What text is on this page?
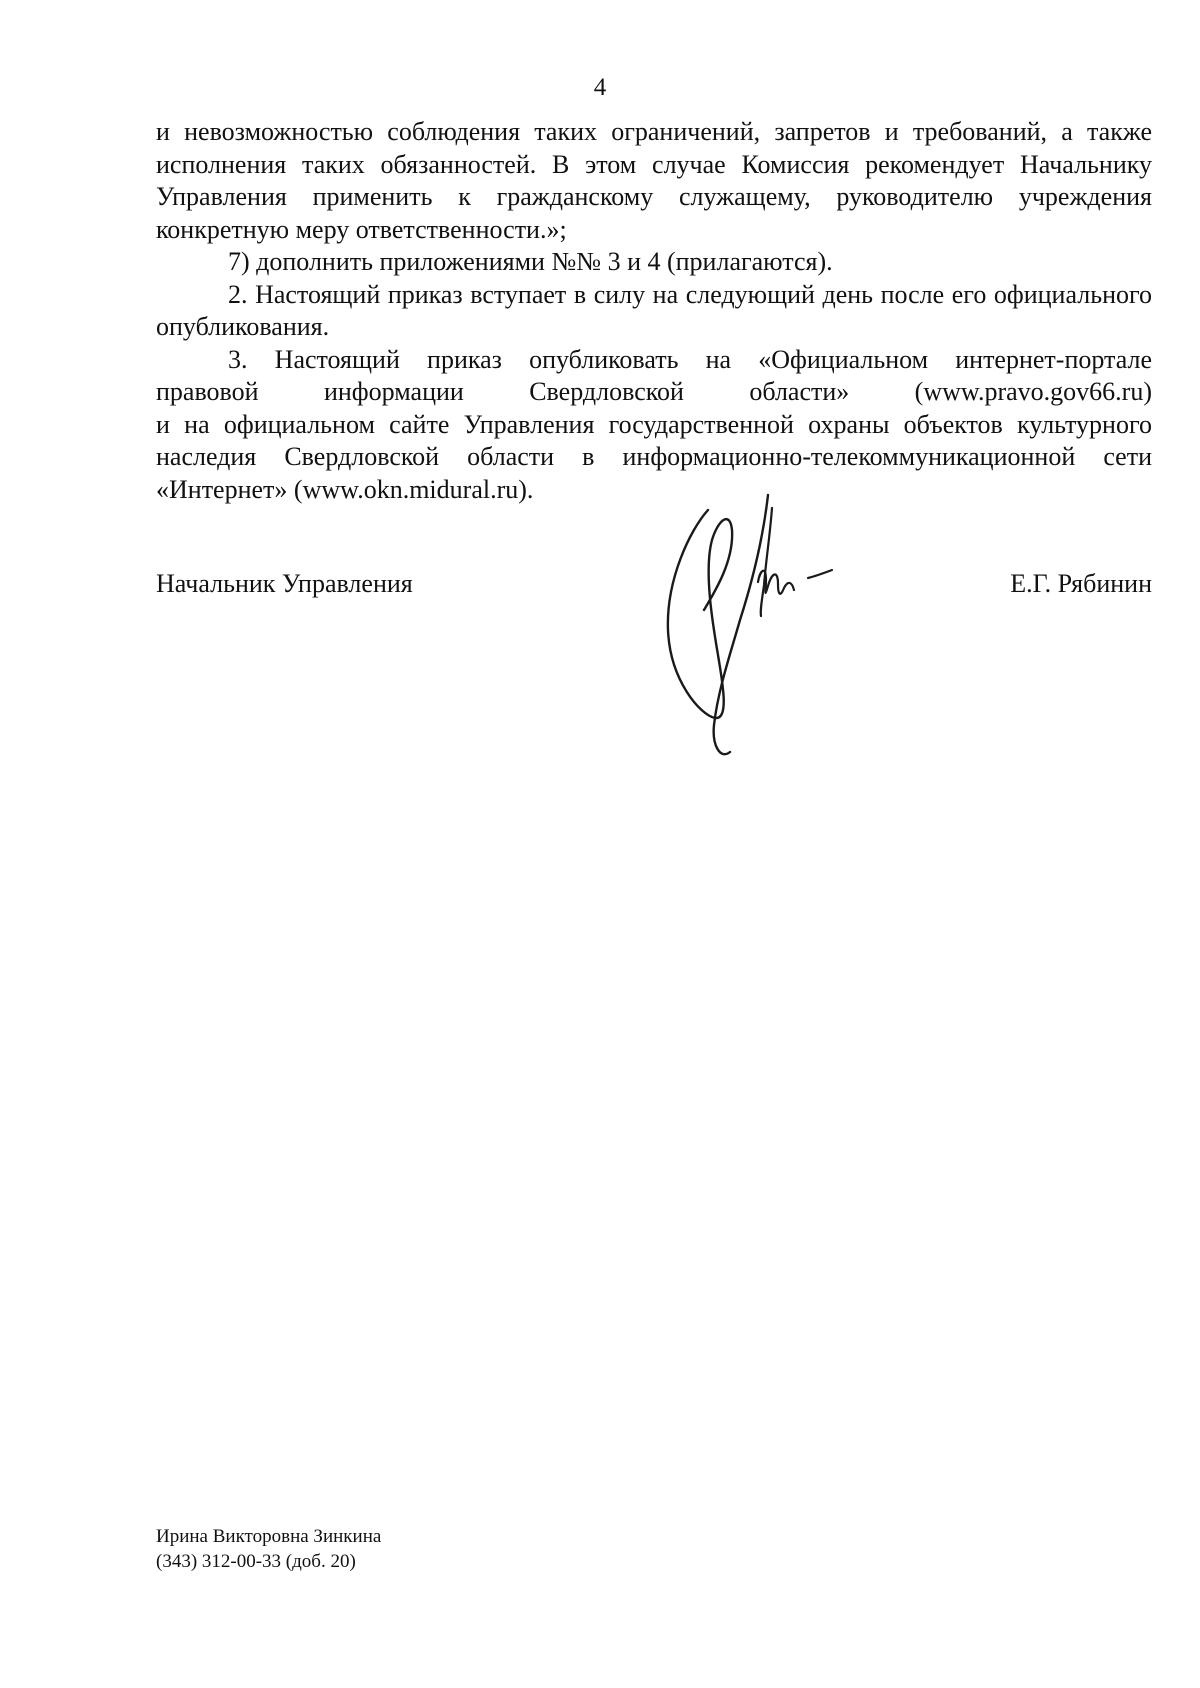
4

и невозможностью соблюдения таких ограничений, запретов и требований, а также исполнения таких обязанностей. В этом случае Комиссия рекомендует Начальнику Управления применить к гражданскому служащему, руководителю учреждения конкретную меру ответственности.»;

7) дополнить приложениями №№ 3 и 4 (прилагаются).

2. Настоящий приказ вступает в силу на следующий день после его официального опубликования.

3. Настоящий приказ опубликовать на «Официальном интернет-портале

правовой информации Свердловской области» (www.pravo.gov66.ru)

и на официальном сайте Управления государственной охраны объектов культурного наследия Свердловской области в информационно-телекоммуникационной сети «Интернет» (www.okn.midural.ru).

Начальник Управления	Е.Г. Рябинин
Ирина Викторовна Зинкина
(343) 312-00-33 (доб. 20)
